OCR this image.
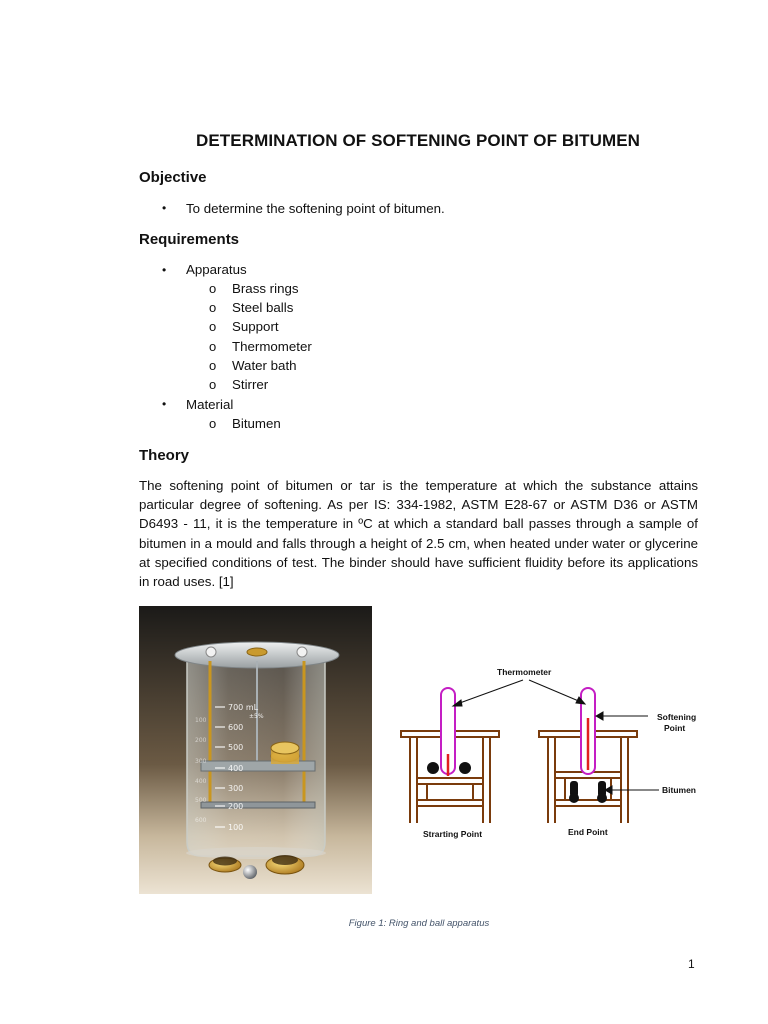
DETERMINATION OF SOFTENING POINT OF BITUMEN
Objective
• To determine the softening point of bitumen.
Requirements
• Apparatus
o Brass rings
o Steel balls
o Support
o Thermometer
o Water bath
o Stirrer
• Material
o Bitumen
Theory

The softening point of bitumen or tar is the temperature at which the substance attains particular degree of softening. As per IS: 334-1982, ASTM E28-67 or ASTM D36 or ASTM D6493 - 11, it is the temperature in ºC at which a standard ball passes through a sample of bitumen in a mould and falls through a height of 2.5 cm, when heated under water or glycerine at specified conditions of test. The binder should have sufficient fluidity before its applications in road uses. [1]

700 mL
±5%
600
500
400
300
200
100
100
200
300
400
500
600
Thermometer
Softening
Point
Bitumen
Strarting Point	End Point
Figure 1: Ring and ball apparatus
1
